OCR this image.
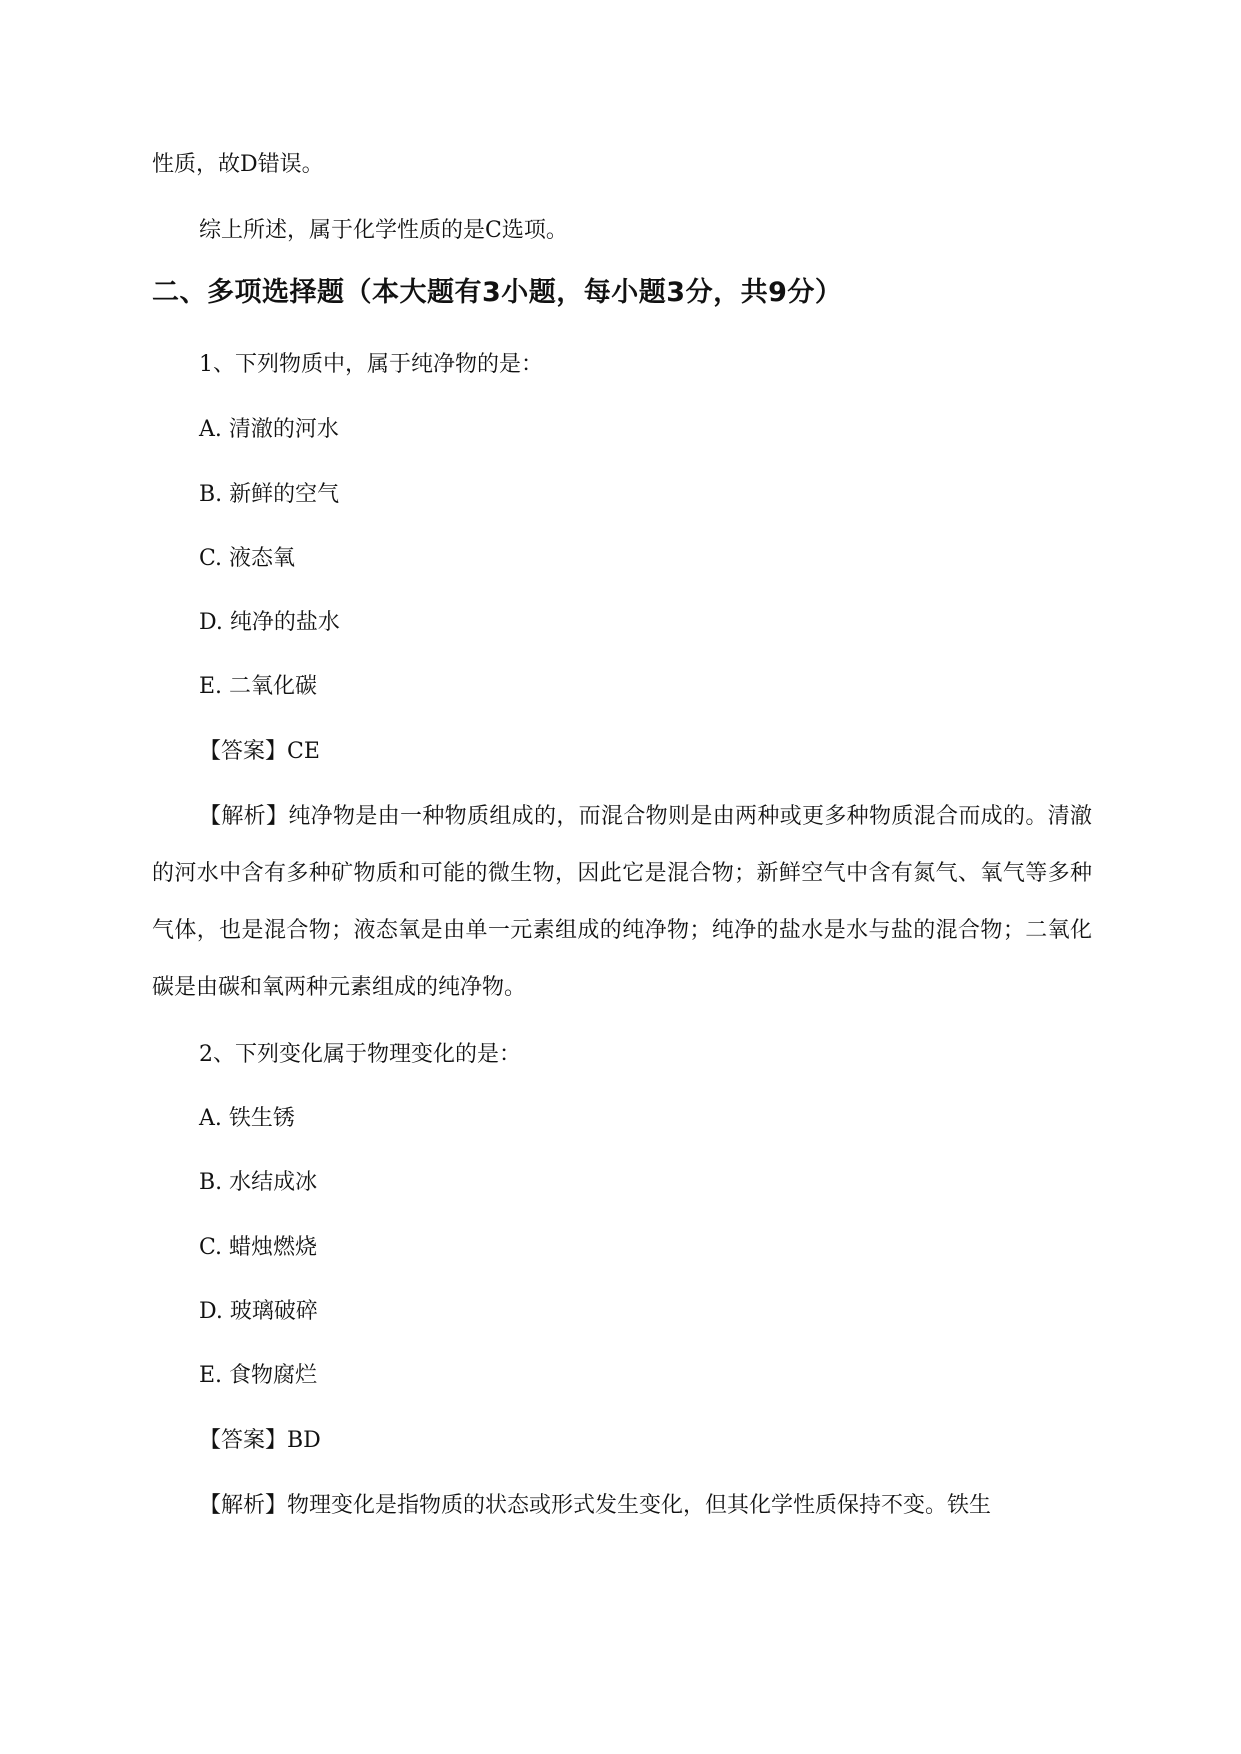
性质，故D错误。
综上所述，属于化学性质的是C选项。
二、多项选择题（本大题有3小题，每小题3分，共9分）
1、下列物质中，属于纯净物的是：
A. 清澈的河水
B. 新鲜的空气
C. 液态氧
D. 纯净的盐水
E. 二氧化碳
【答案】CE
【解析】纯净物是由一种物质组成的，而混合物则是由两种或更多种物质混合而成的。清澈的河水中含有多种矿物质和可能的微生物，因此它是混合物；新鲜空气中含有氮气、氧气等多种气体，也是混合物；液态氧是由单一元素组成的纯净物；纯净的盐水是水与盐的混合物；二氧化碳是由碳和氧两种元素组成的纯净物。
2、下列变化属于物理变化的是：
A. 铁生锈
B. 水结成冰
C. 蜡烛燃烧
D. 玻璃破碎
E. 食物腐烂
【答案】BD
【解析】物理变化是指物质的状态或形式发生变化，但其化学性质保持不变。铁生
